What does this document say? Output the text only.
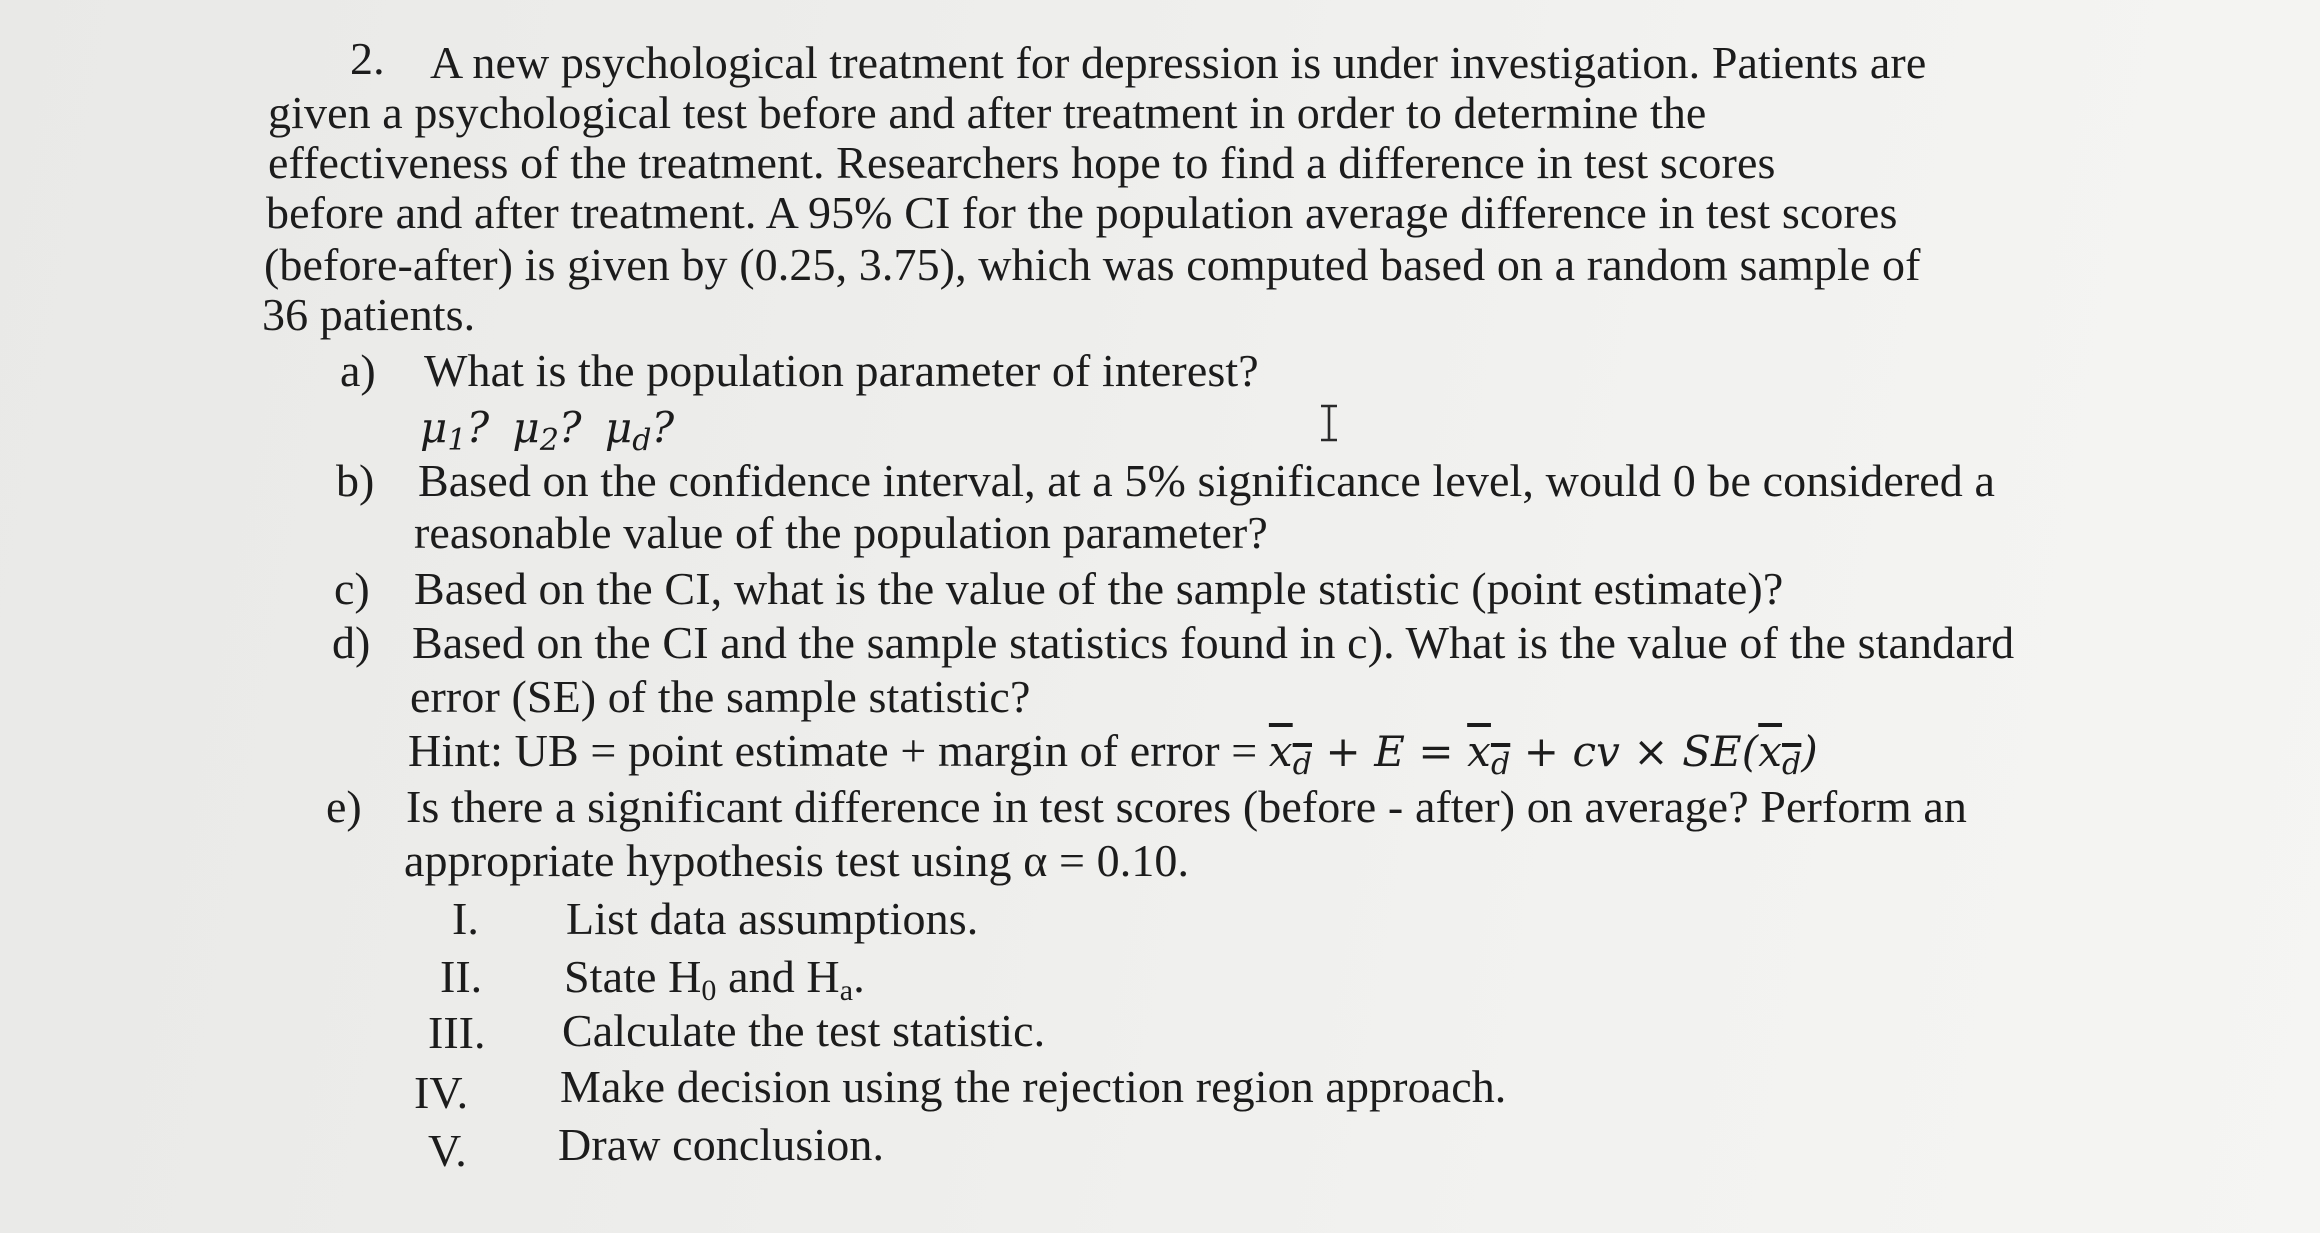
2. A new psychological treatment for depression is under investigation. Patients are
given a psychological test before and after treatment in order to determine the
effectiveness of the treatment. Researchers hope to find a difference in test scores
before and after treatment. A 95% CI for the population average difference in test scores
(before-after) is given by (0.25, 3.75), which was computed based on a random sample of
36 patients.
a) What is the population parameter of interest?
$\mu_1$? $\mu_2$? $\mu_d$?
b) Based on the confidence interval, at a 5% significance level, would 0 be considered a
reasonable value of the population parameter?
c) Based on the CI, what is the value of the sample statistic (point estimate)?
d) Based on the CI and the sample statistics found in c). What is the value of the standard
error (SE) of the sample statistic?
Hint: UB = point estimate + margin of error = $x_d + E = x_d$ + cv × $SE(x_d)$
e) Is there a significant difference in test scores (before - after) on average? Perform an
appropriate hypothesis test using α = 0.10.
I. List data assumptions.
II. State $H_0$ and $H_a$.
III. Calculate the test statistic.
IV. Make decision using the rejection region approach.
V. Draw conclusion.
